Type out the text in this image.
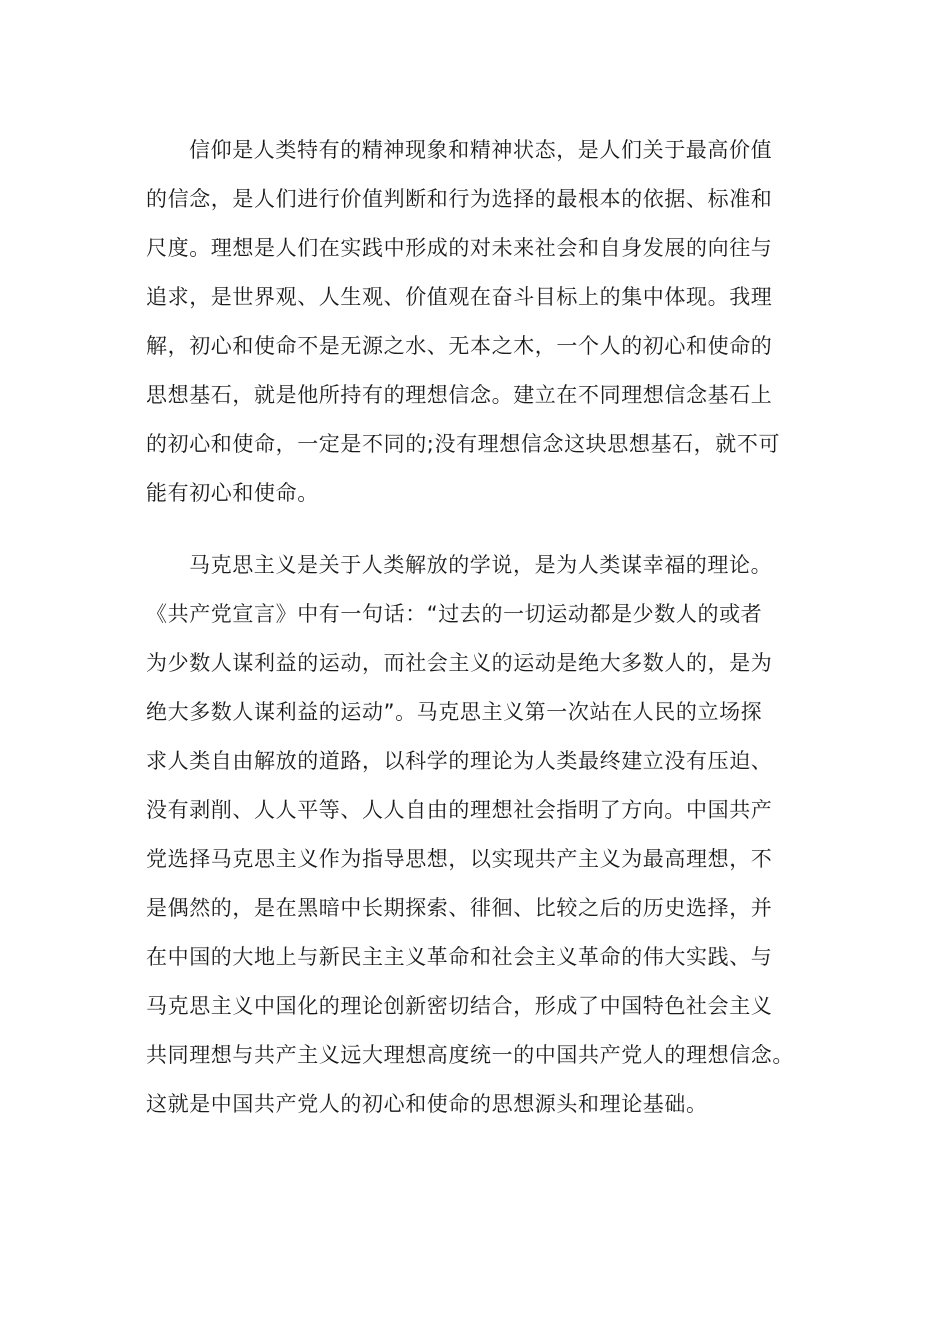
信仰是人类特有的精神现象和精神状态，是人们关于最高价值
的信念，是人们进行价值判断和行为选择的最根本的依据、标准和
尺度。理想是人们在实践中形成的对未来社会和自身发展的向往与
追求，是世界观、人生观、价值观在奋斗目标上的集中体现。我理
解，初心和使命不是无源之水、无本之木，一个人的初心和使命的
思想基石，就是他所持有的理想信念。建立在不同理想信念基石上
的初心和使命，一定是不同的;没有理想信念这块思想基石，就不可
能有初心和使命。
马克思主义是关于人类解放的学说，是为人类谋幸福的理论。
《共产党宣言》中有一句话：“过去的一切运动都是少数人的或者
为少数人谋利益的运动，而社会主义的运动是绝大多数人的，是为
绝大多数人谋利益的运动”。马克思主义第一次站在人民的立场探
求人类自由解放的道路，以科学的理论为人类最终建立没有压迫、
没有剥削、人人平等、人人自由的理想社会指明了方向。中国共产
党选择马克思主义作为指导思想，以实现共产主义为最高理想，不
是偶然的，是在黑暗中长期探索、徘徊、比较之后的历史选择，并
在中国的大地上与新民主主义革命和社会主义革命的伟大实践、与
马克思主义中国化的理论创新密切结合，形成了中国特色社会主义
共同理想与共产主义远大理想高度统一的中国共产党人的理想信念。
这就是中国共产党人的初心和使命的思想源头和理论基础。
